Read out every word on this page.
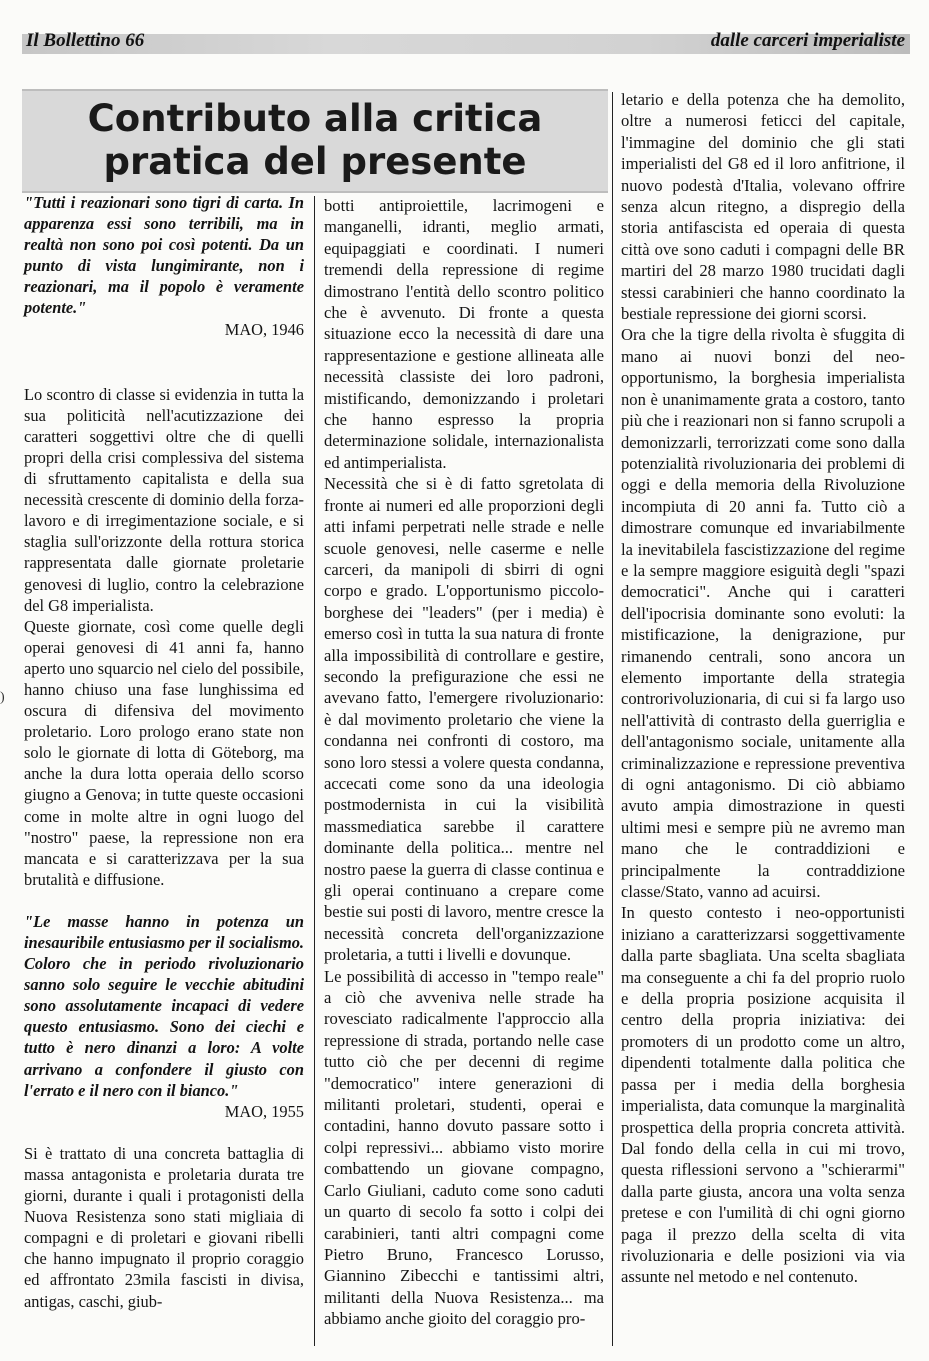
Il Bollettino 66	dalle carceri imperialiste
Contributo alla critica
pratica del presente
)

"Tutti i reazionari sono tigri di carta. In apparenza essi sono terribili, ma in realtà non sono poi così potenti. Da un punto di vista lungimirante, non i reazionari, ma il popolo è veramente potente."

MAO, 1946

Lo scontro di classe si evidenzia in tutta la sua politicità nell'acutizzazione dei caratteri soggettivi oltre che di quelli propri della crisi complessiva del sistema di sfruttamento capitalista e della sua necessità crescente di dominio della forza-lavoro e di irregimentazione sociale, e si staglia sull'orizzonte della rottura storica rappresentata dalle giornate proletarie genovesi di luglio, contro la celebrazione del G8 imperialista.

Queste giornate, così come quelle degli operai genovesi di 41 anni fa, hanno aperto uno squarcio nel cielo del possibile, hanno chiuso una fase lunghissima ed oscura di difensiva del movimento proletario. Loro prologo erano state non solo le giornate di lotta di Göteborg, ma anche la dura lotta operaia dello scorso giugno a Genova; in tutte queste occasioni come in molte altre in ogni luogo del "nostro" paese, la repressione non era mancata e si caratterizzava per la sua brutalità e diffusione.

"Le masse hanno in potenza un inesauribile entusiasmo per il socialismo. Coloro che in periodo rivoluzionario sanno solo seguire le vecchie abitudini sono assolutamente incapaci di vedere questo entusiasmo. Sono dei ciechi e tutto è nero dinanzi a loro: A volte arrivano a confondere il giusto con l'errato e il nero con il bianco."

MAO, 1955

Si è trattato di una concreta battaglia di massa antagonista e proletaria durata tre giorni, durante i quali i protagonisti della Nuova Resistenza sono stati migliaia di compagni e di proletari e giovani ribelli che hanno impugnato il proprio coraggio ed affrontato 23mila fascisti in divisa, antigas, caschi, giub-

botti antiproiettile, lacrimogeni e manganelli, idranti, meglio armati, equipaggiati e coordinati. I numeri tremendi della repressione di regime dimostrano l'entità dello scontro politico che è avvenuto. Di fronte a questa situazione ecco la necessità di dare una rappresentazione e gestione allineata alle necessità classiste dei loro padroni, mistificando, demonizzando i proletari che hanno espresso la propria determinazione solidale, internazionalista ed antimperialista.

Necessità che si è di fatto sgretolata di fronte ai numeri ed alle proporzioni degli atti infami perpetrati nelle strade e nelle scuole genovesi, nelle caserme e nelle carceri, da manipoli di sbirri di ogni corpo e grado. L'opportunismo piccolo-borghese dei "leaders" (per i media) è emerso così in tutta la sua natura di fronte alla impossibilità di controllare e gestire, secondo la prefigurazione che essi ne avevano fatto, l'emergere rivoluzionario: è dal movimento proletario che viene la condanna nei confronti di costoro, ma sono loro stessi a volere questa condanna, accecati come sono da una ideologia postmodernista in cui la visibilità massmediatica sarebbe il carattere dominante della politica... mentre nel nostro paese la guerra di classe continua e gli operai continuano a crepare come bestie sui posti di lavoro, mentre cresce la necessità concreta dell'organizzazione proletaria, a tutti i livelli e dovunque.

Le possibilità di accesso in "tempo reale" a ciò che avveniva nelle strade ha rovesciato radicalmente l'approccio alla repressione di strada, portando nelle case tutto ciò che per decenni di regime "democratico" intere generazioni di militanti proletari, studenti, operai e contadini, hanno dovuto passare sotto i colpi repressivi... abbiamo visto morire combattendo un giovane compagno, Carlo Giuliani, caduto come sono caduti un quarto di secolo fa sotto i colpi dei carabinieri, tanti altri compagni come Pietro Bruno, Francesco Lorusso, Giannino Zibecchi e tantissimi altri, militanti della Nuova Resistenza... ma abbiamo anche gioito del coraggio pro-

letario e della potenza che ha demolito, oltre a numerosi feticci del capitale, l'immagine del dominio che gli stati imperialisti del G8 ed il loro anfitrione, il nuovo podestà d'Italia, volevano offrire senza alcun ritegno, a dispregio della storia antifascista ed operaia di questa città ove sono caduti i compagni delle BR martiri del 28 marzo 1980 trucidati dagli stessi carabinieri che hanno coordinato la bestiale repressione dei giorni scorsi.

Ora che la tigre della rivolta è sfuggita di mano ai nuovi bonzi del neo-opportunismo, la borghesia imperialista non è unanimamente grata a costoro, tanto più che i reazionari non si fanno scrupoli a demonizzarli, terrorizzati come sono dalla potenzialità rivoluzionaria dei problemi di oggi e della memoria della Rivoluzione incompiuta di 20 anni fa. Tutto ciò a dimostrare comunque ed invariabilmente la inevitabilela fascistizzazione del regime e la sempre maggiore esiguità degli "spazi democratici". Anche qui i caratteri dell'ipocrisia dominante sono evoluti: la mistificazione, la denigrazione, pur rimanendo centrali, sono ancora un elemento importante della strategia controrivoluzionaria, di cui si fa largo uso nell'attività di contrasto della guerriglia e dell'antagonismo sociale, unitamente alla criminalizzazione e repressione preventiva di ogni antagonismo. Di ciò abbiamo avuto ampia dimostrazione in questi ultimi mesi e sempre più ne avremo man mano che le contraddizioni e principalmente la contraddizione classe/Stato, vanno ad acuirsi.

In questo contesto i neo-opportunisti iniziano a caratterizzarsi soggettivamente dalla parte sbagliata. Una scelta sbagliata ma conseguente a chi fa del proprio ruolo e della propria posizione acquisita il centro della propria iniziativa: dei promoters di un prodotto come un altro, dipendenti totalmente dalla politica che passa per i media della borghesia imperialista, data comunque la marginalità prospettica della propria concreta attività. Dal fondo della cella in cui mi trovo, questa riflessioni servono a "schierarmi" dalla parte giusta, ancora una volta senza pretese e con l'umilità di chi ogni giorno paga il prezzo della scelta di vita rivoluzionaria e delle posizioni via via assunte nel metodo e nel contenuto.
